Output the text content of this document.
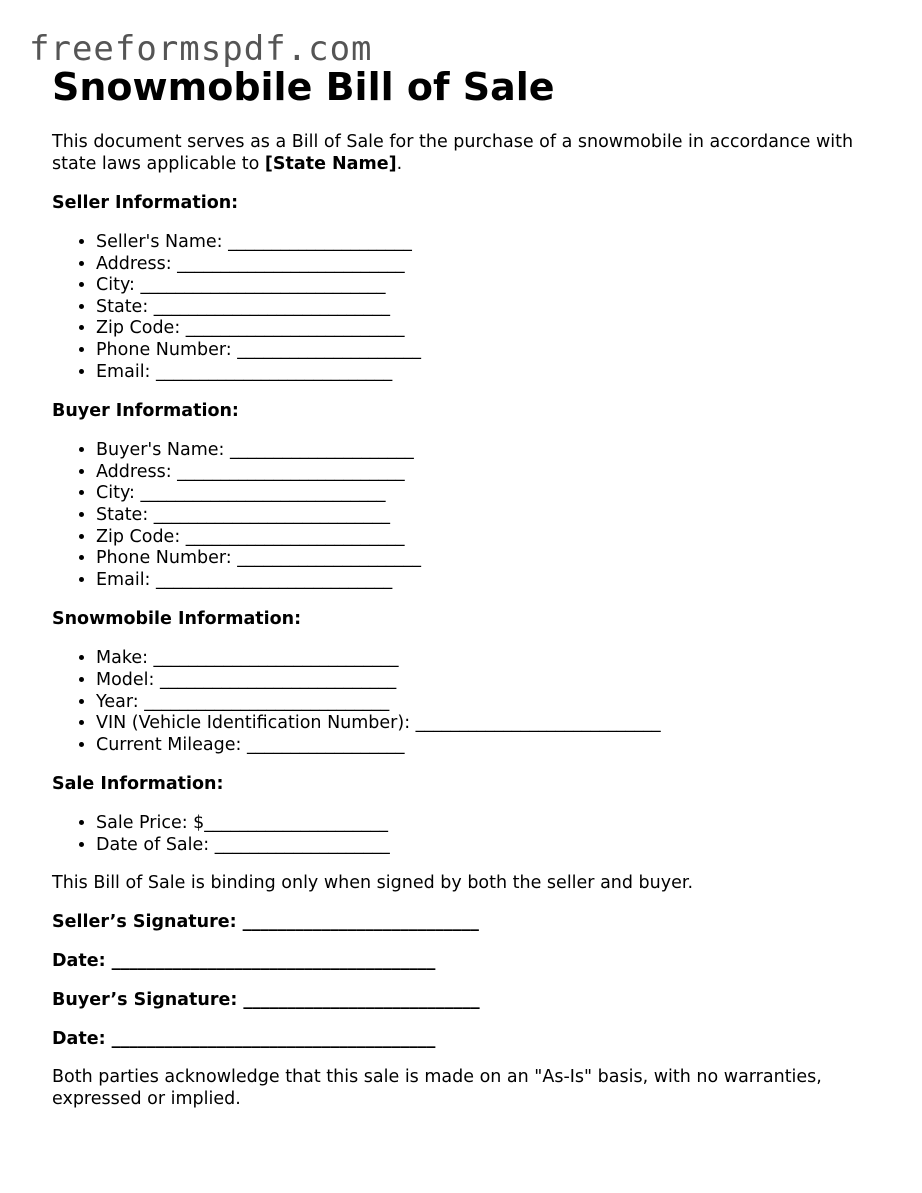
freeformspdf.com
Snowmobile Bill of Sale

This document serves as a Bill of Sale for the purchase of a snowmobile in accordance with state laws applicable to [State Name].

Seller Information:
• Seller's Name: _____________________
• Address: __________________________
• City: ____________________________
• State: ___________________________
• Zip Code: _________________________
• Phone Number: _____________________
• Email: ___________________________
Buyer Information:
• Buyer's Name: _____________________
• Address: __________________________
• City: ____________________________
• State: ___________________________
• Zip Code: _________________________
• Phone Number: _____________________
• Email: ___________________________
Snowmobile Information:
• Make: ____________________________
• Model: ___________________________
• Year: ____________________________
• VIN (Vehicle Identification Number): ____________________________
• Current Mileage: __________________
Sale Information:
• Sale Price: $_____________________
• Date of Sale: ____________________

This Bill of Sale is binding only when signed by both the seller and buyer.

Seller’s Signature: ___________________________

Date: _____________________________________

Buyer’s Signature: ___________________________

Date: _____________________________________

Both parties acknowledge that this sale is made on an "As-Is" basis, with no warranties, expressed or implied.
